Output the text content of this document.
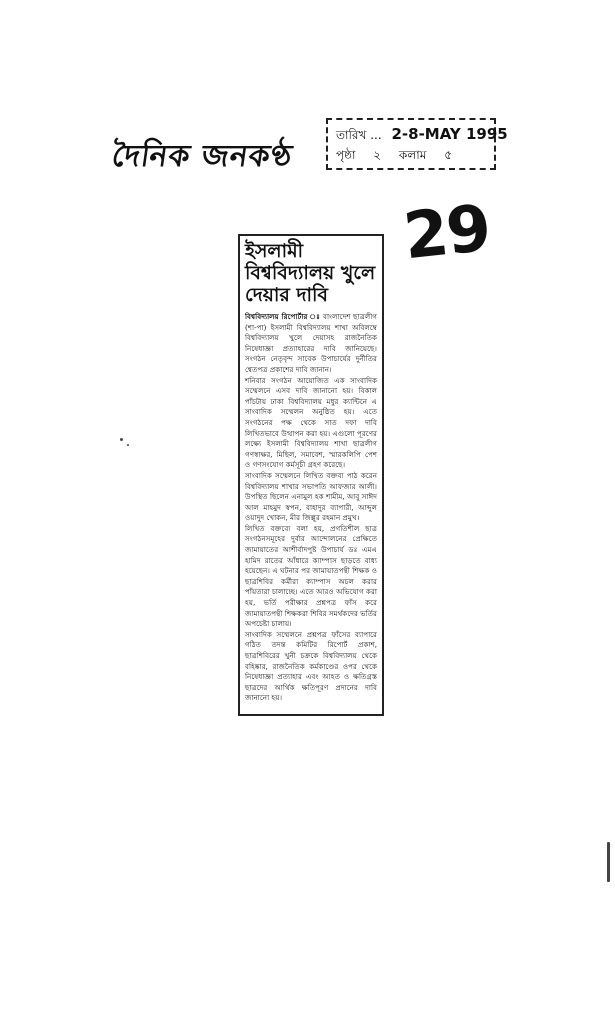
দৈনিক জনকণ্ঠ
তারিখ ... 2-8-MAY 1995
পৃষ্ঠা ২ কলাম ৫
29
ইসলামী বিশ্ববিদ্যালয় খুলে দেয়ার দাবি

বিশ্ববিদ্যালয় রিপোর্টার ঃ বাংলাদেশ ছাত্রলীগ (শা-পা) ইসলামী বিশ্ববিদ্যালয় শাখা অবিলম্বে বিশ্ববিদ্যালয় খুলে দেয়াসহ রাজনৈতিক নিষেধাজ্ঞা প্রত্যাহারের দাবি জানিয়েছে। সংগঠন নেতৃবৃন্দ সাবেক উপাচার্যের দুর্নীতির শ্বেতপত্র প্রকাশের দাবি জানান।

শনিবার সংগঠন আয়োজিত এক সাংবাদিক সম্মেলনে এসব দাবি জানানো হয়। বিকাল পাঁচটায় ঢাকা বিশ্ববিদ্যালয় মধুর ক্যান্টিনে এ সাংবাদিক সম্মেলন অনুষ্ঠিত হয়। এতে সংগঠনের পক্ষ থেকে সাত দফা দাবি লিখিতভাবে উত্থাপন করা হয়। এগুলো পূরণের লক্ষ্যে ইসলামী বিশ্ববিদ্যালয় শাখা ছাত্রলীগ গণস্বাক্ষর, মিছিল, সমাবেশ, স্মারকলিপি পেশ ও গণসংযোগ কর্মসূচী গ্রহণ করেছে।

সাংবাদিক সম্মেলনে লিখিত বক্তব্য পাঠ করেন বিশ্ববিদ্যালয় শাখার সভাপতি আফজার আলী। উপস্থিত ছিলেন এনামুল হক শামীম, আবু সাঈদ আল মাহমুদ স্বপন, বাহাদুর ব্যাপারী, আব্দুল ওয়াদুদ খোকন, মীর জিল্লুর রহমান প্রমুখ।

লিখিত বক্তব্যে বলা হয়, প্রগতিশীল ছাত্র সংগঠনসমূহের দুর্বার আন্দোলনের প্রেক্ষিতে জামায়াতের আশীর্বাদপুষ্ট উপাচার্য ডঃ এমএ হামিদ রাতের আঁধারে ক্যাম্পাস ছাড়তে বাধ্য হয়েছেন। এ ঘটনার পর জামায়াতপন্থী শিক্ষক ও ছাত্রশিবির কর্মীরা ক্যাম্পাস অচল করার পাঁয়তারা চালাচ্ছে। এতে আরও অভিযোগ করা হয়, ভর্তি পরীক্ষার প্রশ্নপত্র ফাঁস করে জামায়াতপন্থী শিক্ষকরা শিবির সমর্থকদের ভর্তির অপচেষ্টা চালায়।

সাংবাদিক সম্মেলনে প্রশ্নপত্র ফাঁসের ব্যাপারে গঠিত তদন্ত কমিটির রিপোর্ট প্রকাশ, ছাত্রশিবিরের খুনী চক্রকে বিশ্ববিদ্যালয় থেকে বহিষ্কার, রাজনৈতিক কর্মকাণ্ডের ওপর থেকে নিষেধাজ্ঞা প্রত্যাহার এবং আহত ও ক্ষতিগ্রস্ত ছাত্রদের আর্থিক ক্ষতিপূরণ প্রদানের দাবি জানানো হয়।
